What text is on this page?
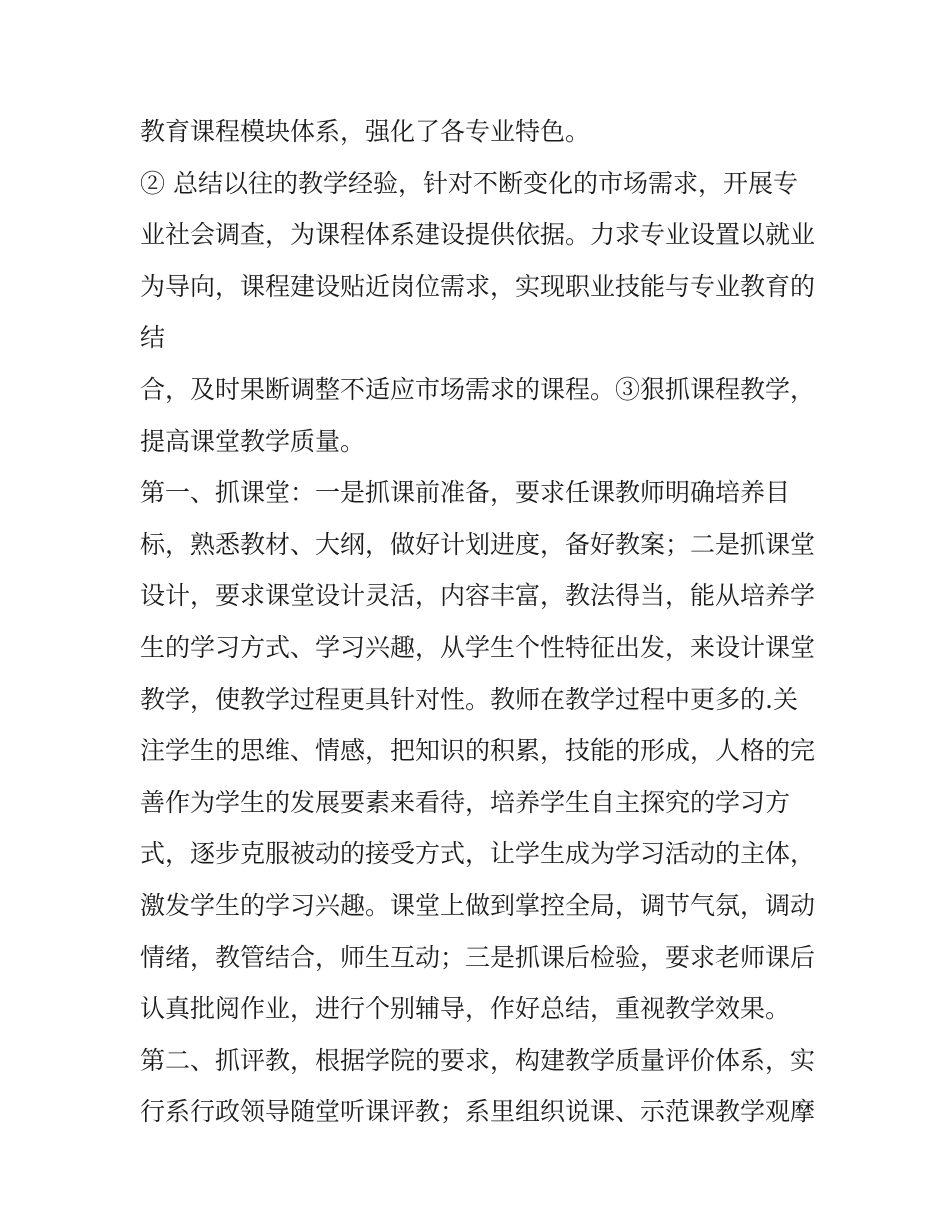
教育课程模块体系，强化了各专业特色。
② 总结以往的教学经验，针对不断变化的市场需求，开展专
业社会调查，为课程体系建设提供依据。力求专业设置以就业
为导向，课程建设贴近岗位需求，实现职业技能与专业教育的
结
合，及时果断调整不适应市场需求的课程。③狠抓课程教学，
提高课堂教学质量。
第一、抓课堂：一是抓课前准备，要求任课教师明确培养目
标，熟悉教材、大纲，做好计划进度，备好教案；二是抓课堂
设计，要求课堂设计灵活，内容丰富，教法得当，能从培养学
生的学习方式、学习兴趣，从学生个性特征出发，来设计课堂
教学，使教学过程更具针对性。教师在教学过程中更多的.关
注学生的思维、情感，把知识的积累，技能的形成，人格的完
善作为学生的发展要素来看待，培养学生自主探究的学习方
式，逐步克服被动的接受方式，让学生成为学习活动的主体，
激发学生的学习兴趣。课堂上做到掌控全局，调节气氛，调动
情绪，教管结合，师生互动；三是抓课后检验，要求老师课后
认真批阅作业，进行个别辅导，作好总结，重视教学效果。
第二、抓评教，根据学院的要求，构建教学质量评价体系，实
行系行政领导随堂听课评教；系里组织说课、示范课教学观摩
